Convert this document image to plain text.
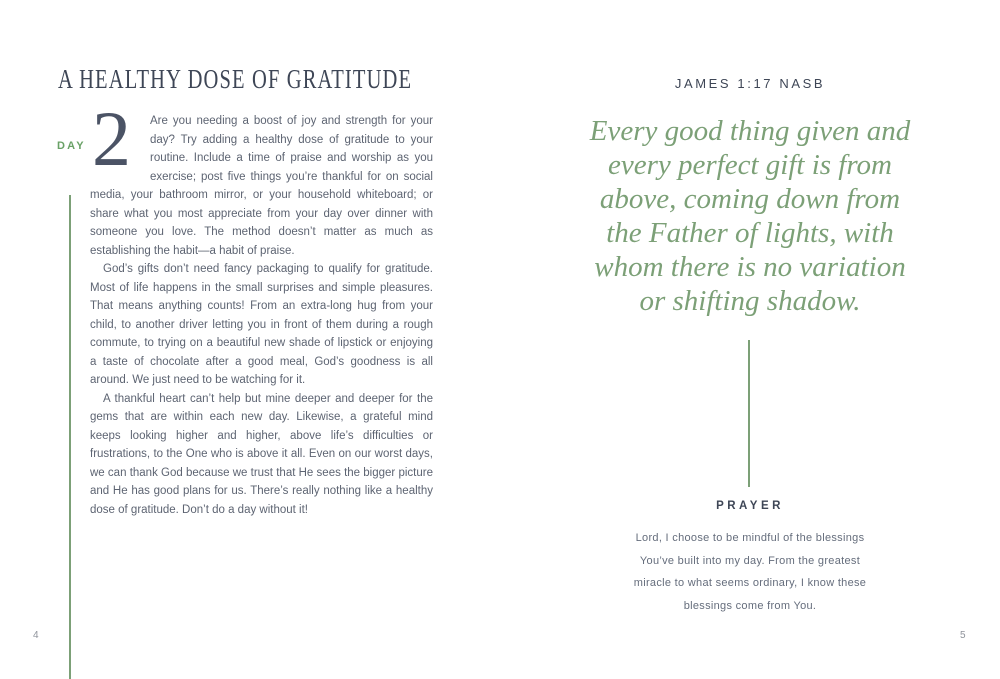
A HEALTHY DOSE OF GRATITUDE
DAY 2	Are you needing a boost of joy and strength for your day? Try adding a healthy dose of gratitude to your routine. Include a time of praise and worship as you exercise; post five things you’re thankful for on social media, your bathroom mirror, or your household whiteboard; or share what you most appreciate from your day over dinner with someone you love. The method doesn’t matter as much as establishing the habit—a habit of praise.

God’s gifts don’t need fancy packaging to qualify for gratitude. Most of life happens in the small surprises and simple pleasures. That means anything counts! From an extra-long hug from your child, to another driver letting you in front of them during a rough commute, to trying on a beautiful new shade of lipstick or enjoying a taste of chocolate after a good meal, God’s goodness is all around. We just need to be watching for it.

A thankful heart can’t help but mine deeper and deeper for the gems that are within each new day. Likewise, a grateful mind keeps looking higher and higher, above life’s difficulties or frustrations, to the One who is above it all. Even on our worst days, we can thank God because we trust that He sees the bigger picture and He has good plans for us. There’s really nothing like a healthy dose of gratitude. Don’t do a day without it!

4
JAMES 1:17 NASB
Every good thing given and
every perfect gift is from
above, coming down from
the Father of lights, with
whom there is no variation
or shifting shadow.
PRAYER
Lord, I choose to be mindful of the blessings
You’ve built into my day. From the greatest
miracle to what seems ordinary, I know these
blessings come from You.
5
